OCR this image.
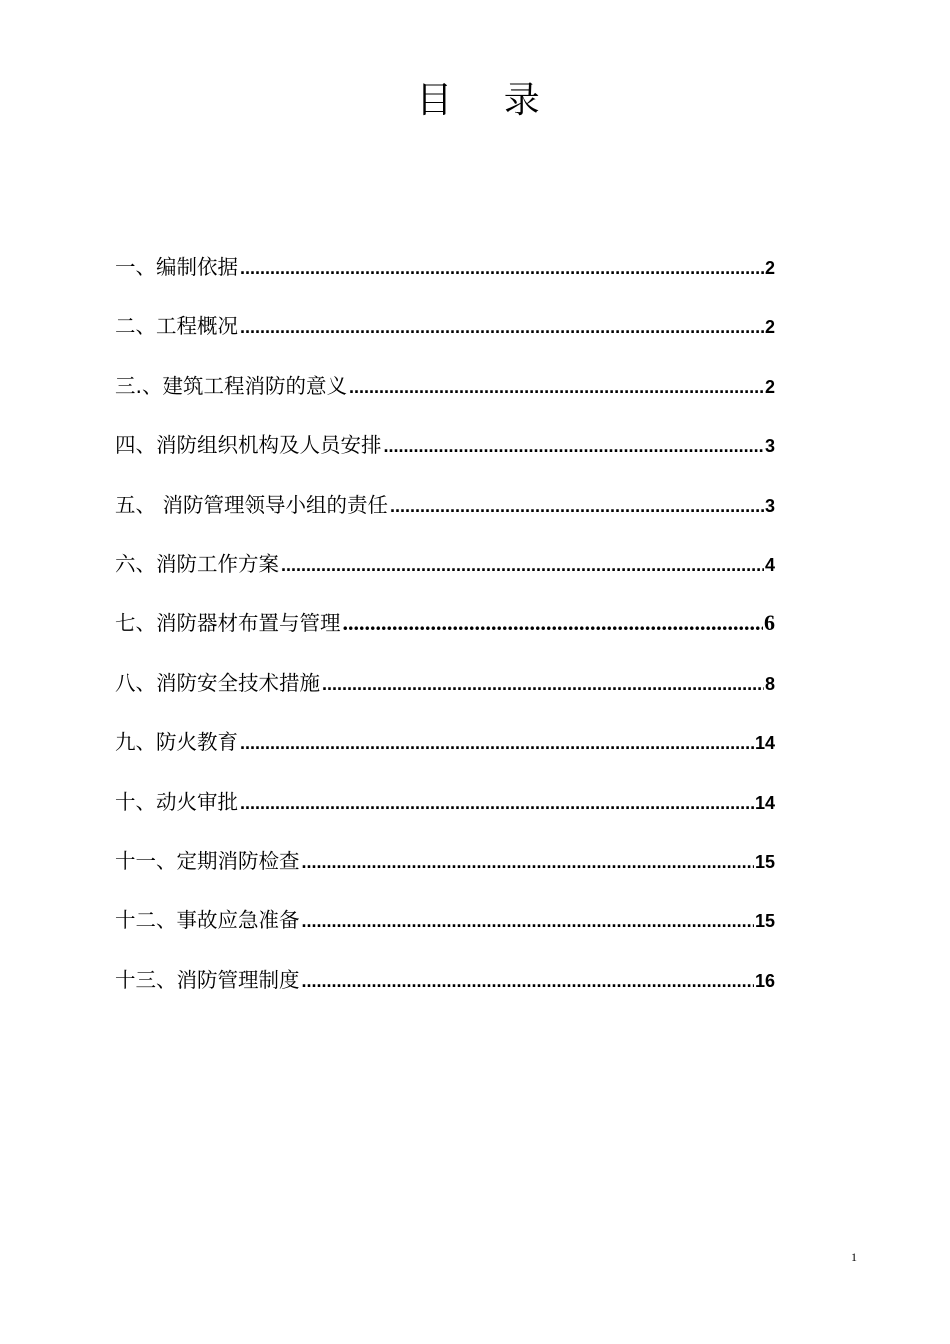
目 录
一、编制依据 .....	2
二、工程概况 .....	2
三.、建筑工程消防的意义 .....	2
四、消防组织机构及人员安排 .....	3
五、 消防管理领导小组的责任 .....	3
六、消防工作方案 .....	4
七、消防器材布置与管理 .....	6
八、消防安全技术措施 .....	8
九、防火教育 .....	14
十、动火审批 .....	14
十一、定期消防检查 .....	15
十二、事故应急准备 .....	15
十三、消防管理制度 .....	16
1
